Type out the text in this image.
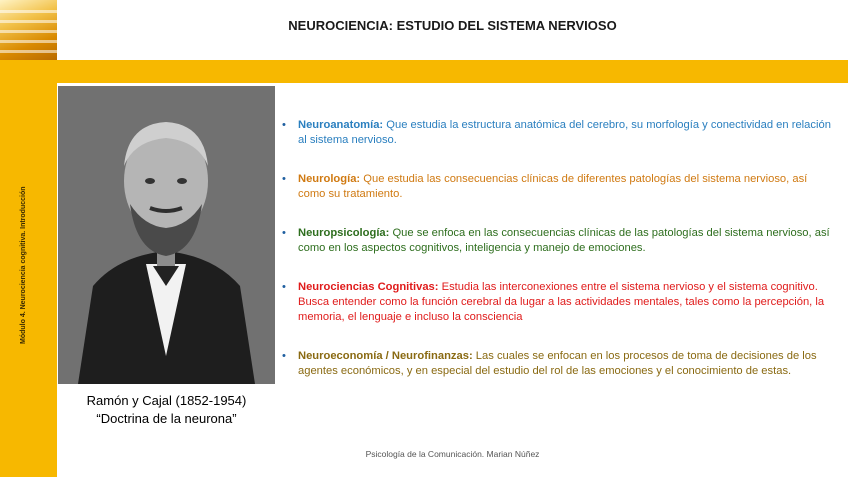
Módulo 4. Neurociencia cognitiva. Introducción
NEUROCIENCIA: ESTUDIO DEL SISTEMA NERVIOSO
Ramón y Cajal (1852-1954)
“Doctrina de la neurona”
• Neuroanatomía: Que estudia la estructura anatómica del cerebro, su morfología y conectividad en relación al sistema nervioso.
• Neurología: Que estudia las consecuencias clínicas de diferentes patologías del sistema nervioso, así como su tratamiento.
• Neuropsicología: Que se enfoca en las consecuencias clínicas de las patologías del sistema nervioso, así como en los aspectos cognitivos, inteligencia y manejo de emociones.
• Neurociencias Cognitivas: Estudia las interconexiones entre el sistema nervioso y el sistema cognitivo. Busca entender como la función cerebral da lugar a las actividades mentales, tales como la percepción, la memoria, el lenguaje e incluso la consciencia
• Neuroeconomía / Neurofinanzas: Las cuales se enfocan en los procesos de toma de decisiones de los agentes económicos, y en especial del estudio del rol de las emociones y el conocimiento de estas.
Psicología de la Comunicación. Marian Núñez
